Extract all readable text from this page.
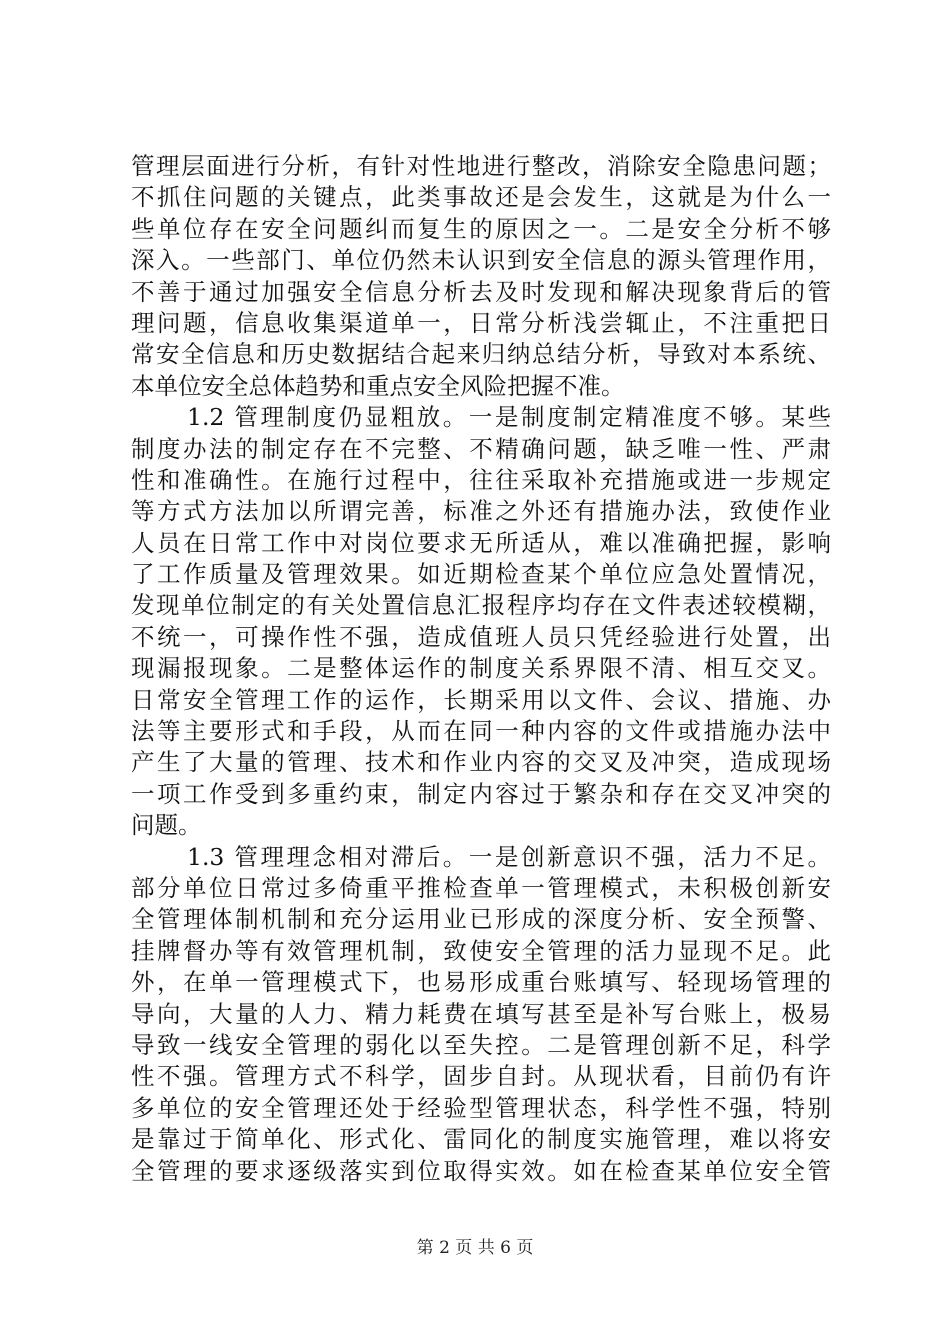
管理层面进行分析，有针对性地进行整改，消除安全隐患问题；
不抓住问题的关键点，此类事故还是会发生，这就是为什么一
些单位存在安全问题纠而复生的原因之一。二是安全分析不够
深入。一些部门、单位仍然未认识到安全信息的源头管理作用，
不善于通过加强安全信息分析去及时发现和解决现象背后的管
理问题，信息收集渠道单一，日常分析浅尝辄止，不注重把日
常安全信息和历史数据结合起来归纳总结分析，导致对本系统、
本单位安全总体趋势和重点安全风险把握不准。
1.2 管理制度仍显粗放。一是制度制定精准度不够。某些
制度办法的制定存在不完整、不精确问题，缺乏唯一性、严肃
性和准确性。在施行过程中，往往采取补充措施或进一步规定
等方式方法加以所谓完善，标准之外还有措施办法，致使作业
人员在日常工作中对岗位要求无所适从，难以准确把握，影响
了工作质量及管理效果。如近期检查某个单位应急处置情况，
发现单位制定的有关处置信息汇报程序均存在文件表述较模糊，
不统一，可操作性不强，造成值班人员只凭经验进行处置，出
现漏报现象。二是整体运作的制度关系界限不清、相互交叉。
日常安全管理工作的运作，长期采用以文件、会议、措施、办
法等主要形式和手段，从而在同一种内容的文件或措施办法中
产生了大量的管理、技术和作业内容的交叉及冲突，造成现场
一项工作受到多重约束，制定内容过于繁杂和存在交叉冲突的
问题。
1.3 管理理念相对滞后。一是创新意识不强，活力不足。
部分单位日常过多倚重平推检查单一管理模式，未积极创新安
全管理体制机制和充分运用业已形成的深度分析、安全预警、
挂牌督办等有效管理机制，致使安全管理的活力显现不足。此
外，在单一管理模式下，也易形成重台账填写、轻现场管理的
导向，大量的人力、精力耗费在填写甚至是补写台账上，极易
导致一线安全管理的弱化以至失控。二是管理创新不足，科学
性不强。管理方式不科学，固步自封。从现状看，目前仍有许
多单位的安全管理还处于经验型管理状态，科学性不强，特别
是靠过于简单化、形式化、雷同化的制度实施管理，难以将安
全管理的要求逐级落实到位取得实效。如在检查某单位安全管
第 2 页 共 6 页
